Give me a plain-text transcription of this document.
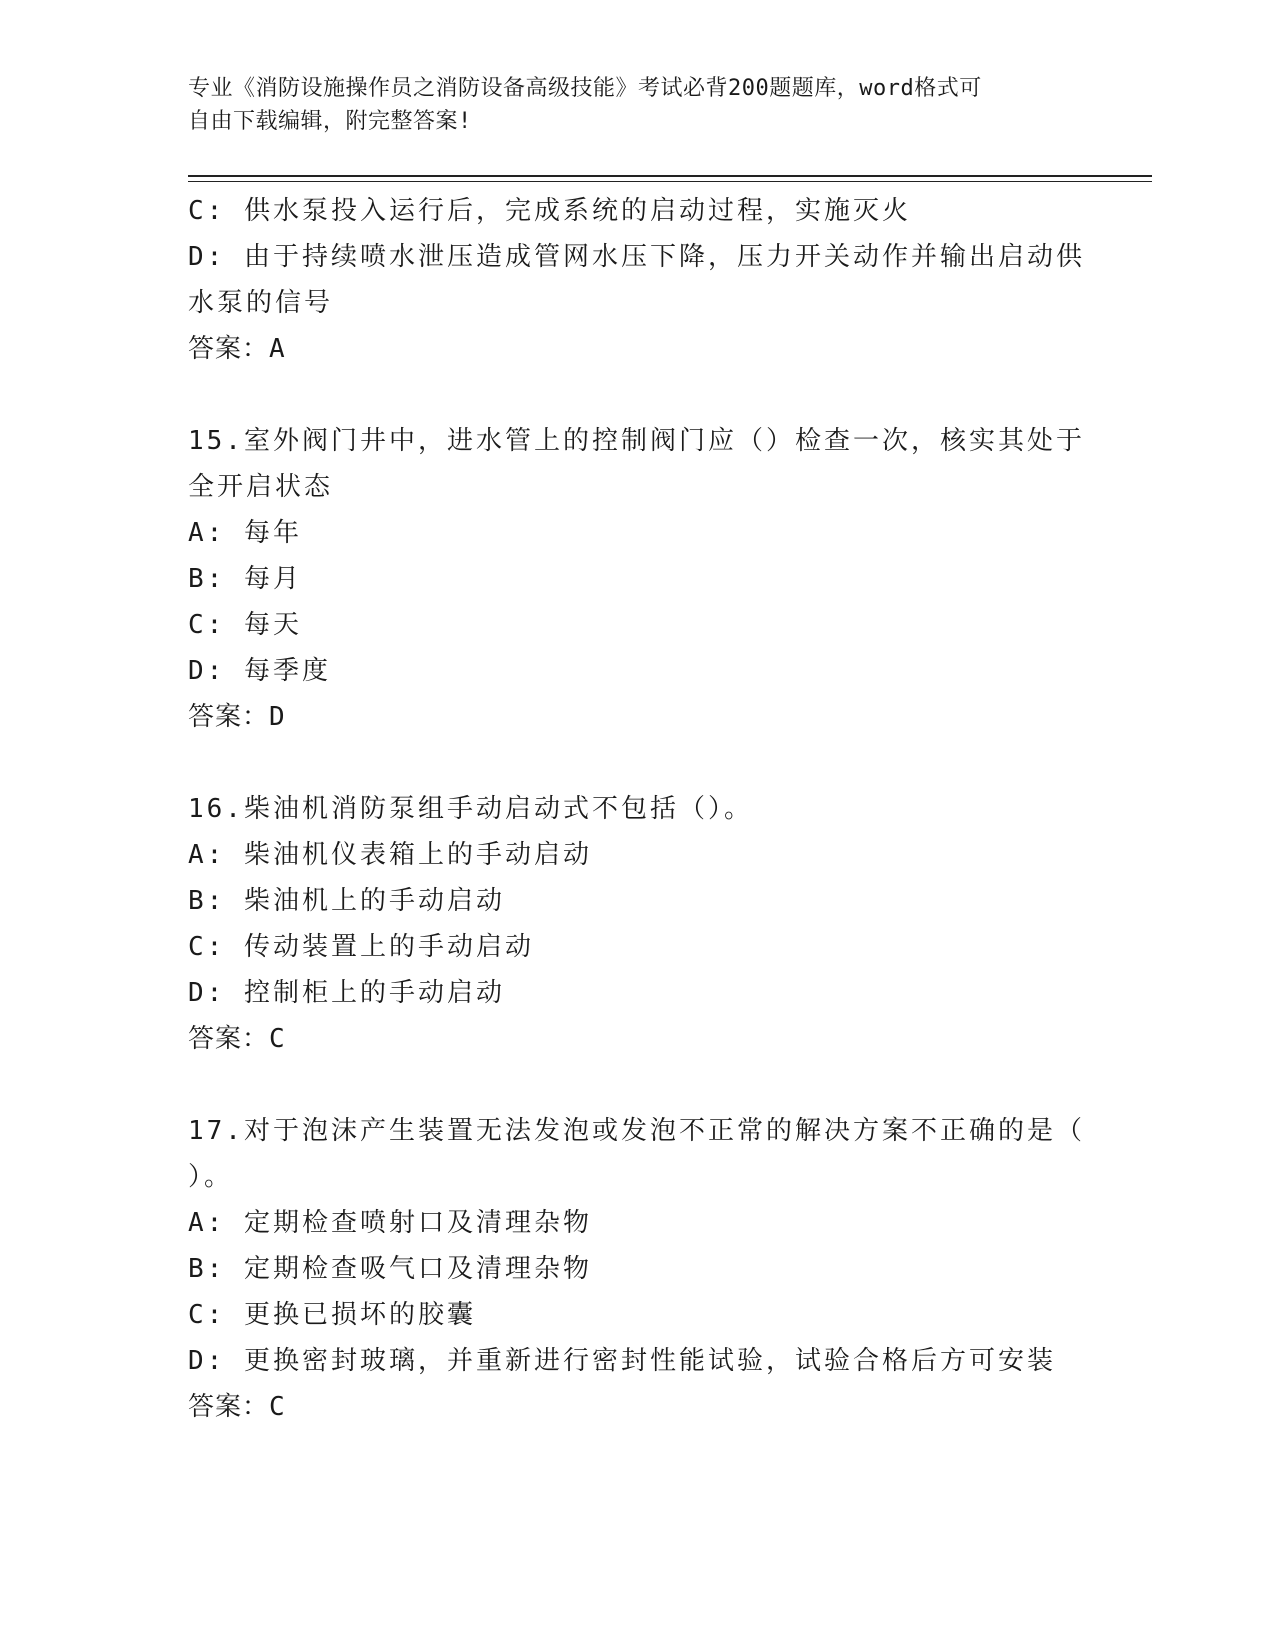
专业《消防设施操作员之消防设备高级技能》考试必背200题题库，word格式可
自由下载编辑，附完整答案!
C: 供水泵投入运行后，完成系统的启动过程，实施灭火
D: 由于持续喷水泄压造成管网水压下降，压力开关动作并输出启动供
水泵的信号
答案：A
15.室外阀门井中，进水管上的控制阀门应（）检查一次，核实其处于
全开启状态
A: 每年
B: 每月
C: 每天
D: 每季度
答案：D
16.柴油机消防泵组手动启动式不包括（）。
A: 柴油机仪表箱上的手动启动
B: 柴油机上的手动启动
C: 传动装置上的手动启动
D: 控制柜上的手动启动
答案：C
17.对于泡沫产生装置无法发泡或发泡不正常的解决方案不正确的是（
）。
A: 定期检查喷射口及清理杂物
B: 定期检查吸气口及清理杂物
C: 更换已损坏的胶囊
D: 更换密封玻璃，并重新进行密封性能试验，试验合格后方可安装
答案：C
